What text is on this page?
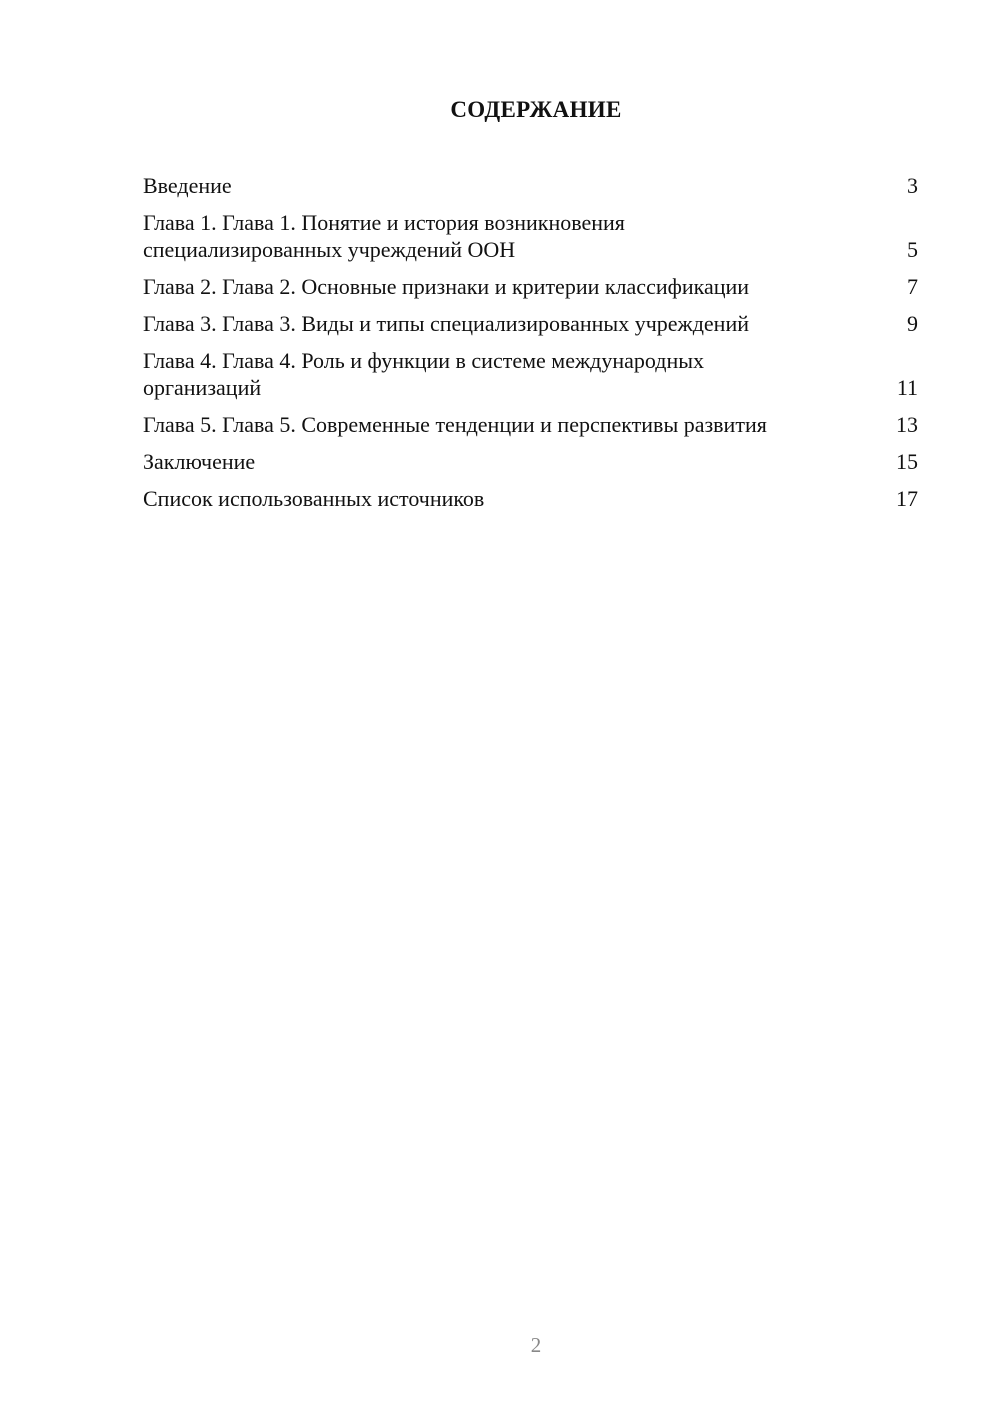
СОДЕРЖАНИЕ
Введение	3
Глава 1. Глава 1. Понятие и история возникновения специализированных учреждений ООН	5
Глава 2. Глава 2. Основные признаки и критерии классификации	7
Глава 3. Глава 3. Виды и типы специализированных учреждений	9
Глава 4. Глава 4. Роль и функции в системе международных организаций	11
Глава 5. Глава 5. Современные тенденции и перспективы развития	13
Заключение	15
Список использованных источников	17
2
